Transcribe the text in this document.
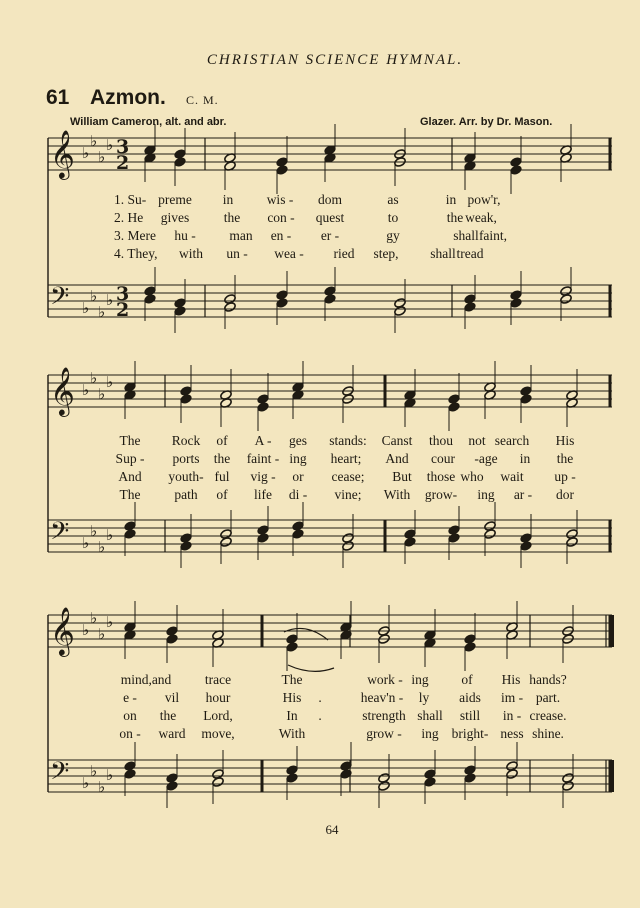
CHRISTIAN SCIENCE HYMNAL.
61 Azmon. C. M.
William Cameron, alt. and abr.	Glazer. Arr. by Dr. Mason.
𝄞
𝄢
♭
♭
♭
♭
♭
♭
♭
♭
3
2
3
2
𝄞
𝄢
♭
♭
♭
♭
♭
♭
♭
♭
𝄞
𝄢
♭
♭
♭
♭
♭
♭
♭
♭
1. Su- preme in wis - dom	as	in pow'r,
2. He gives	the con - quest	to	the weak,
3. Mere hu - man en - er -	gy	shall faint,
4. They, with un - wea - ried step, shall tread
The Rock of A - ges stands: Canst thou not search His
Sup - ports the faint - ing heart; And cour -age in the
And youth- ful vig - or cease; But those who wait up -
The	path of life di - vine; With grow- ing ar - dor
mind,and trace	The	work - ing of His hands?
e - vil hour	His .	heav'n - ly aids im - part.
on the Lord,	In .	strength shall still in - crease.
on - ward move,	With	grow - ing bright- ness shine.
64
